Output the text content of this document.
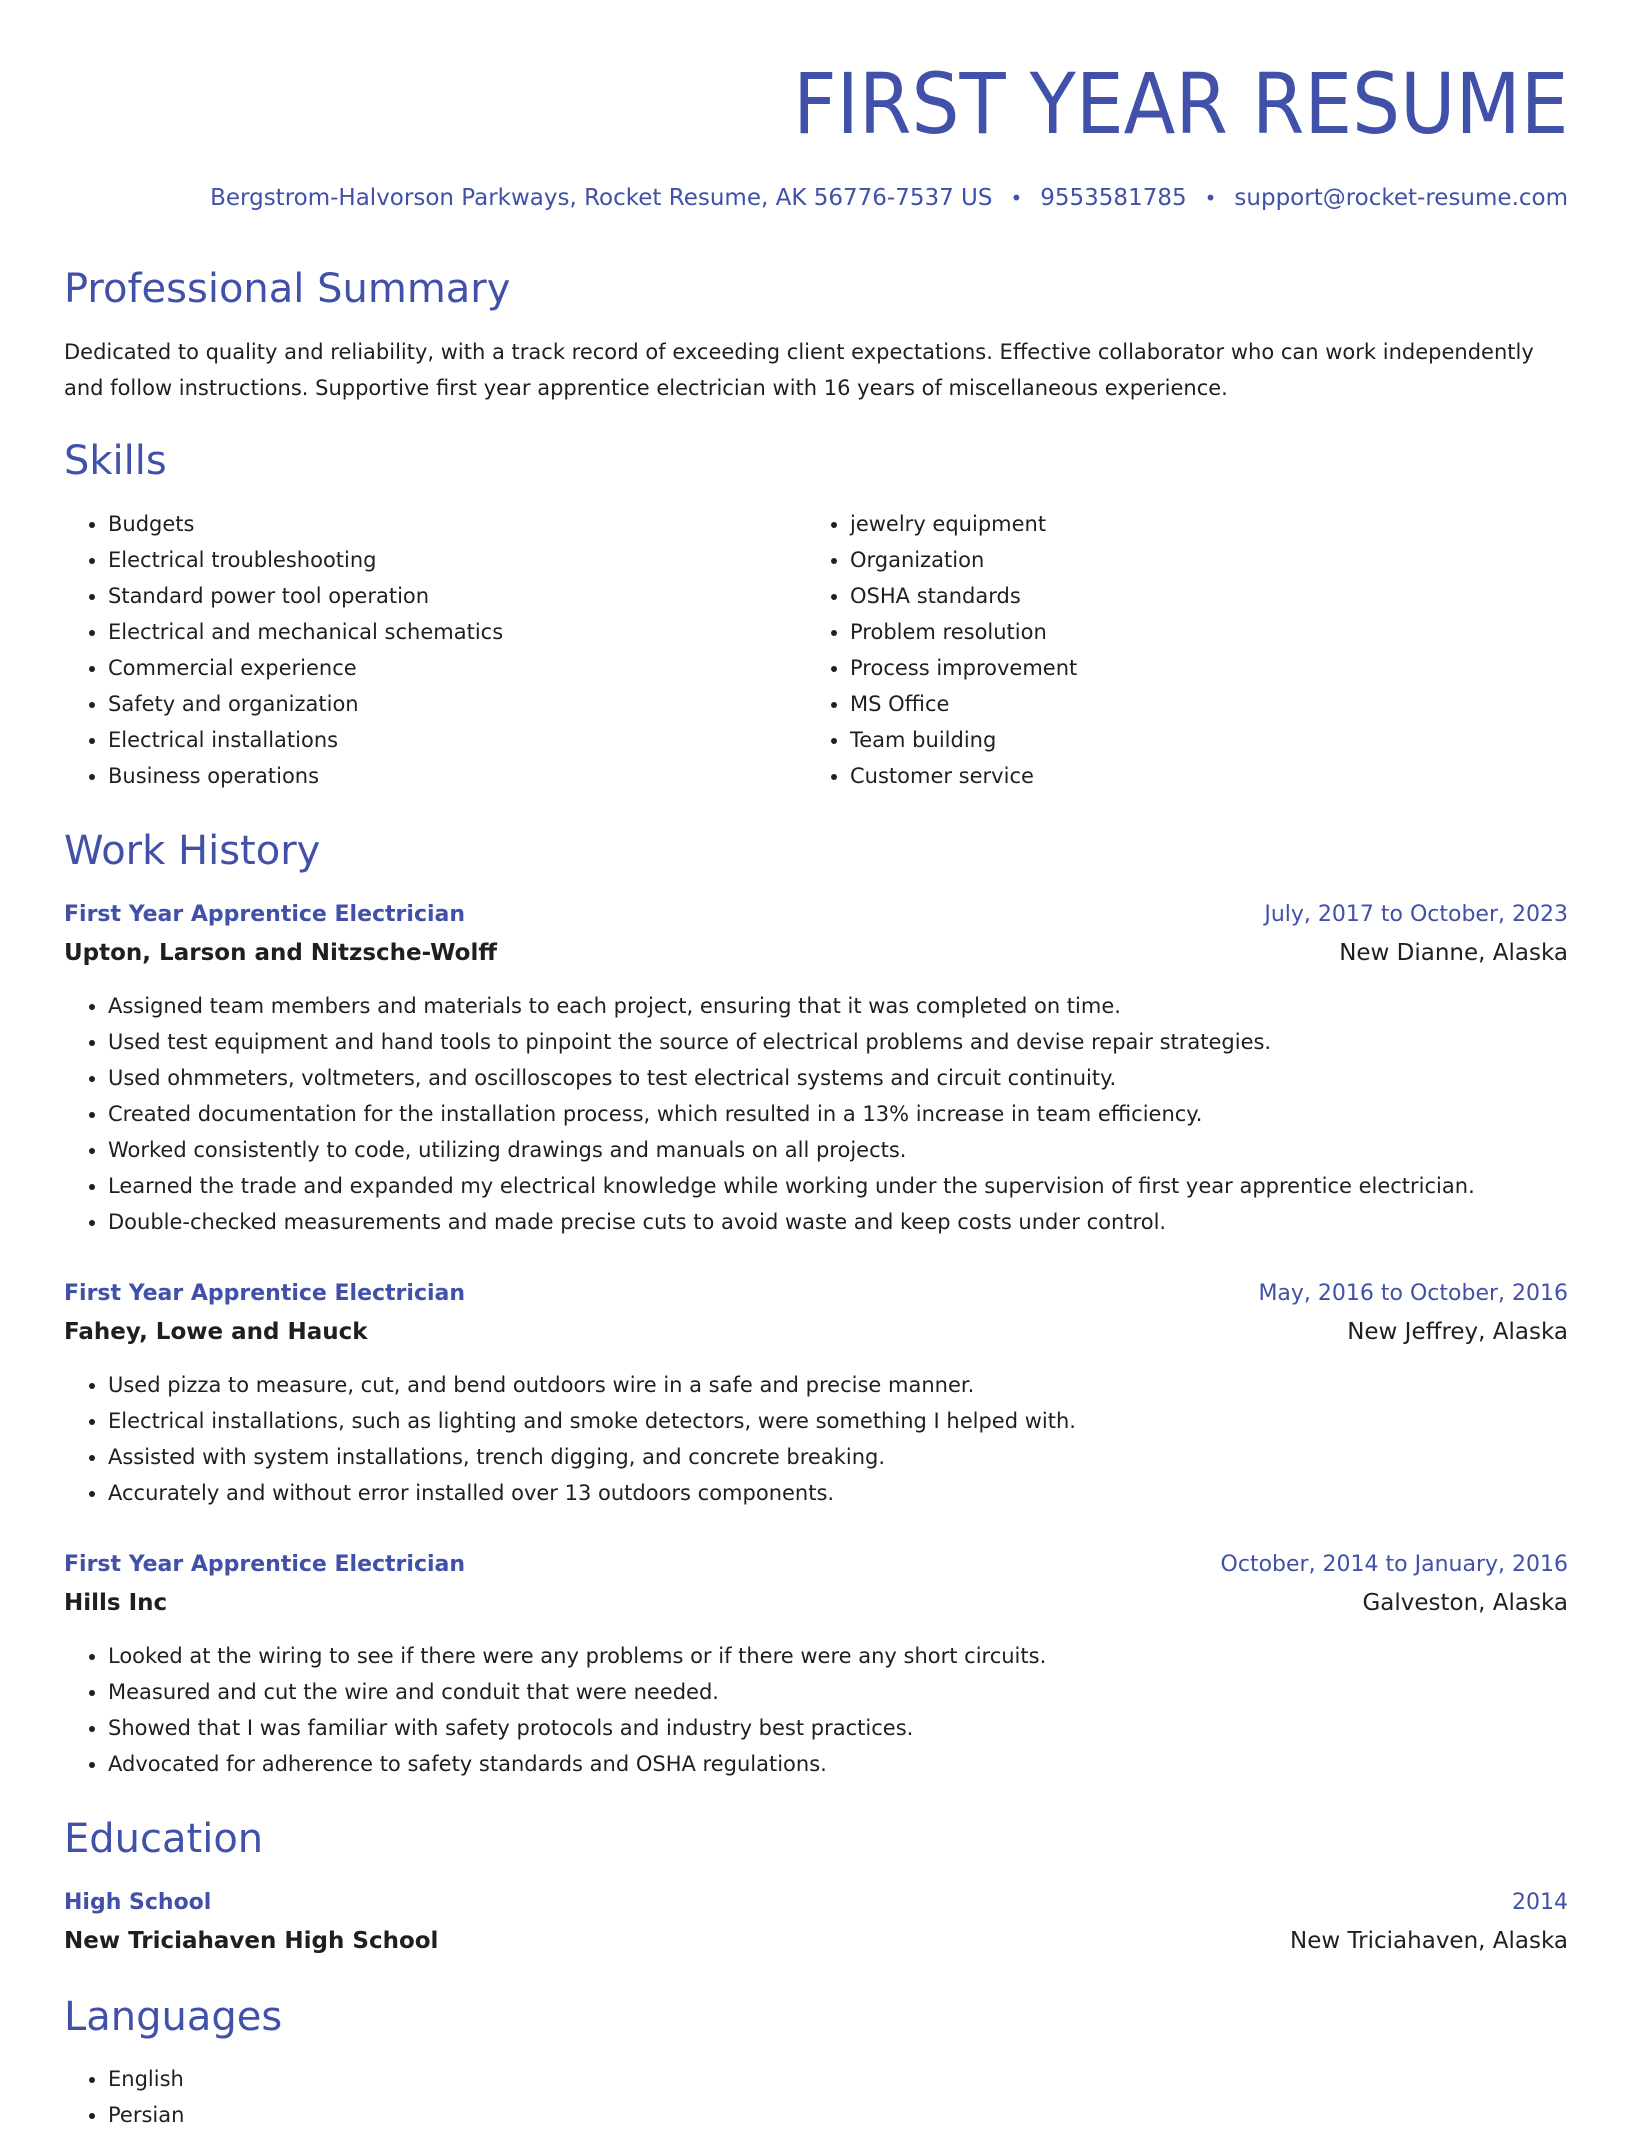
FIRST YEAR RESUME
Bergstrom-Halvorson Parkways, Rocket Resume, AK 56776-7537 US • 9553581785 • support@rocket-resume.com
Professional Summary
Dedicated to quality and reliability, with a track record of exceeding client expectations. Effective collaborator who can work independently and follow instructions. Supportive first year apprentice electrician with 16 years of miscellaneous experience.
Skills
• Budgets
• Electrical troubleshooting
• Standard power tool operation
• Electrical and mechanical schematics
• Commercial experience
• Safety and organization
• Electrical installations
• Business operations
• jewelry equipment
• Organization
• OSHA standards
• Problem resolution
• Process improvement
• MS Office
• Team building
• Customer service
Work History
First Year Apprentice Electrician	July, 2017 to October, 2023
Upton, Larson and Nitzsche-Wolff	New Dianne, Alaska
• Assigned team members and materials to each project, ensuring that it was completed on time.
• Used test equipment and hand tools to pinpoint the source of electrical problems and devise repair strategies.
• Used ohmmeters, voltmeters, and oscilloscopes to test electrical systems and circuit continuity.
• Created documentation for the installation process, which resulted in a 13% increase in team efficiency.
• Worked consistently to code, utilizing drawings and manuals on all projects.
• Learned the trade and expanded my electrical knowledge while working under the supervision of first year apprentice electrician.
• Double-checked measurements and made precise cuts to avoid waste and keep costs under control.
First Year Apprentice Electrician	May, 2016 to October, 2016
Fahey, Lowe and Hauck	New Jeffrey, Alaska
• Used pizza to measure, cut, and bend outdoors wire in a safe and precise manner.
• Electrical installations, such as lighting and smoke detectors, were something I helped with.
• Assisted with system installations, trench digging, and concrete breaking.
• Accurately and without error installed over 13 outdoors components.
First Year Apprentice Electrician	October, 2014 to January, 2016
Hills Inc	Galveston, Alaska
• Looked at the wiring to see if there were any problems or if there were any short circuits.
• Measured and cut the wire and conduit that were needed.
• Showed that I was familiar with safety protocols and industry best practices.
• Advocated for adherence to safety standards and OSHA regulations.
Education
High School	2014
New Triciahaven High School	New Triciahaven, Alaska
Languages
• English
• Persian
